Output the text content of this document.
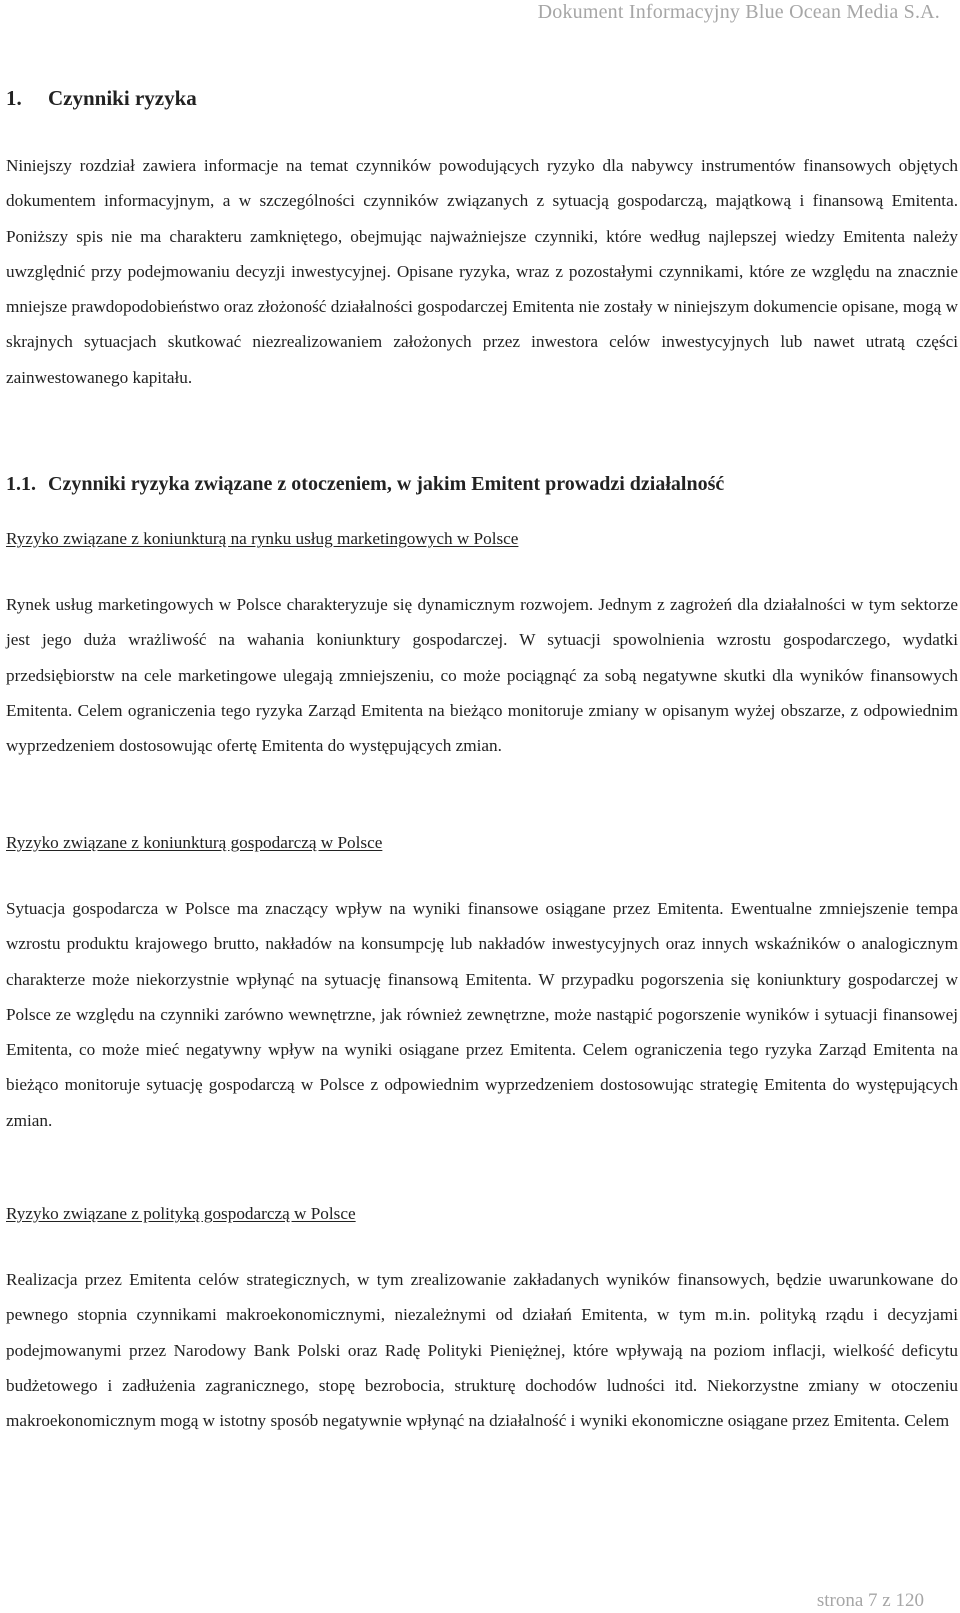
Dokument Informacyjny Blue Ocean Media S.A.
1. Czynniki ryzyka
Niniejszy rozdział zawiera informacje na temat czynników powodujących ryzyko dla nabywcy instrumentów finansowych objętych dokumentem informacyjnym, a w szczególności czynników związanych z sytuacją gospodarczą, majątkową i finansową Emitenta. Poniższy spis nie ma charakteru zamkniętego, obejmując najważniejsze czynniki, które według najlepszej wiedzy Emitenta należy uwzględnić przy podejmowaniu decyzji inwestycyjnej. Opisane ryzyka, wraz z pozostałymi czynnikami, które ze względu na znacznie mniejsze prawdopodobieństwo oraz złożoność działalności gospodarczej Emitenta nie zostały w niniejszym dokumencie opisane, mogą w skrajnych sytuacjach skutkować niezrealizowaniem założonych przez inwestora celów inwestycyjnych lub nawet utratą części zainwestowanego kapitału.
1.1. Czynniki ryzyka związane z otoczeniem, w jakim Emitent prowadzi działalność
Ryzyko związane z koniunkturą na rynku usług marketingowych w Polsce
Rynek usług marketingowych w Polsce charakteryzuje się dynamicznym rozwojem. Jednym z zagrożeń dla działalności w tym sektorze jest jego duża wrażliwość na wahania koniunktury gospodarczej. W sytuacji spowolnienia wzrostu gospodarczego, wydatki przedsiębiorstw na cele marketingowe ulegają zmniejszeniu, co może pociągnąć za sobą negatywne skutki dla wyników finansowych Emitenta. Celem ograniczenia tego ryzyka Zarząd Emitenta na bieżąco monitoruje zmiany w opisanym wyżej obszarze, z odpowiednim wyprzedzeniem dostosowując ofertę Emitenta do występujących zmian.
Ryzyko związane z koniunkturą gospodarczą w Polsce
Sytuacja gospodarcza w Polsce ma znaczący wpływ na wyniki finansowe osiągane przez Emitenta. Ewentualne zmniejszenie tempa wzrostu produktu krajowego brutto, nakładów na konsumpcję lub nakładów inwestycyjnych oraz innych wskaźników o analogicznym charakterze może niekorzystnie wpłynąć na sytuację finansową Emitenta. W przypadku pogorszenia się koniunktury gospodarczej w Polsce ze względu na czynniki zarówno wewnętrzne, jak również zewnętrzne, może nastąpić pogorszenie wyników i sytuacji finansowej Emitenta, co może mieć negatywny wpływ na wyniki osiągane przez Emitenta. Celem ograniczenia tego ryzyka Zarząd Emitenta na bieżąco monitoruje sytuację gospodarczą w Polsce z odpowiednim wyprzedzeniem dostosowując strategię Emitenta do występujących zmian.
Ryzyko związane z polityką gospodarczą w Polsce
Realizacja przez Emitenta celów strategicznych, w tym zrealizowanie zakładanych wyników finansowych, będzie uwarunkowane do pewnego stopnia czynnikami makroekonomicznymi, niezależnymi od działań Emitenta, w tym m.in. polityką rządu i decyzjami podejmowanymi przez Narodowy Bank Polski oraz Radę Polityki Pieniężnej, które wpływają na poziom inflacji, wielkość deficytu budżetowego i zadłużenia zagranicznego, stopę bezrobocia, strukturę dochodów ludności itd. Niekorzystne zmiany w otoczeniu makroekonomicznym mogą w istotny sposób negatywnie wpłynąć na działalność i wyniki ekonomiczne osiągane przez Emitenta. Celem
strona 7 z 120
